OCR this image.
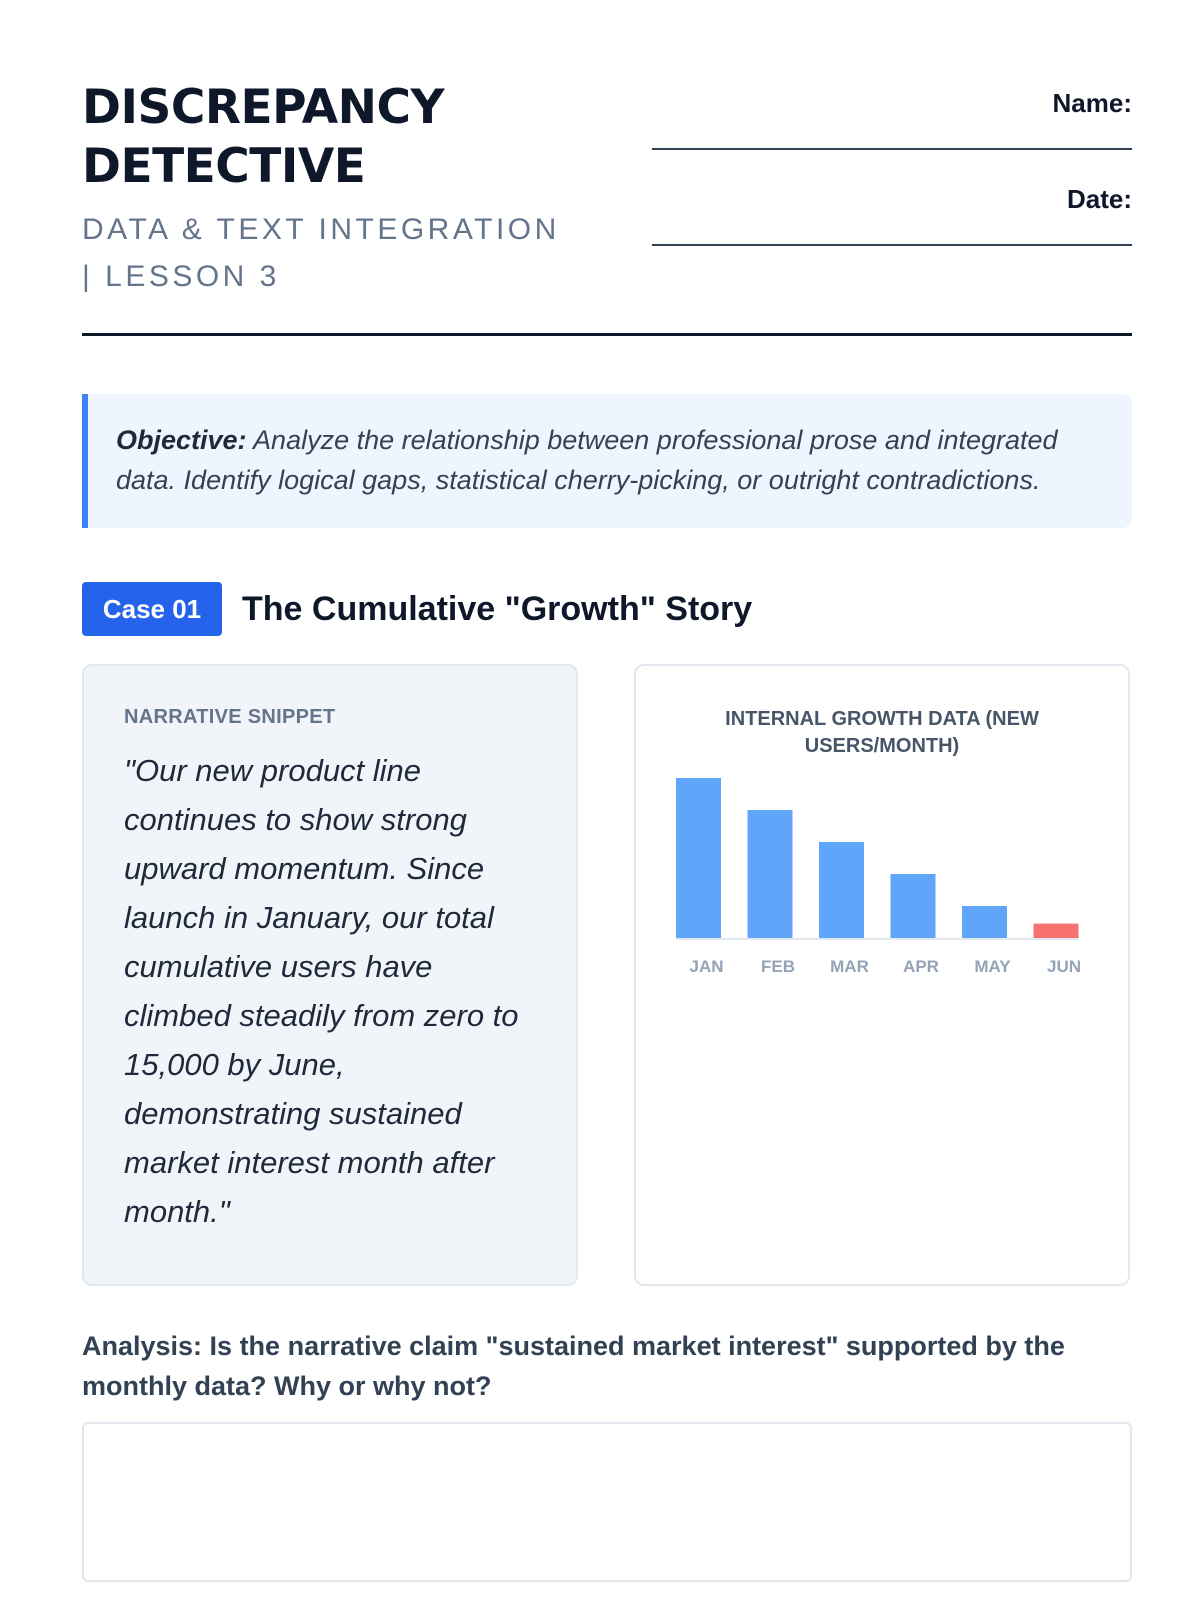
DISCREPANCY DETECTIVE
DATA & TEXT INTEGRATION | LESSON 3
Name:
Date:
Objective: Analyze the relationship between professional prose and integrated data. Identify logical gaps, statistical cherry-picking, or outright contradictions.
Case 01	The Cumulative "Growth" Story
NARRATIVE SNIPPET

"Our new product line continues to show strong upward momentum. Since launch in January, our total cumulative users have climbed steadily from zero to 15,000 by June, demonstrating sustained market interest month after month."

INTERNAL GROWTH DATA (NEW USERS/MONTH)
JAN FEB MAR APR MAY JUN
Analysis: Is the narrative claim "sustained market interest" supported by the monthly data? Why or why not?
